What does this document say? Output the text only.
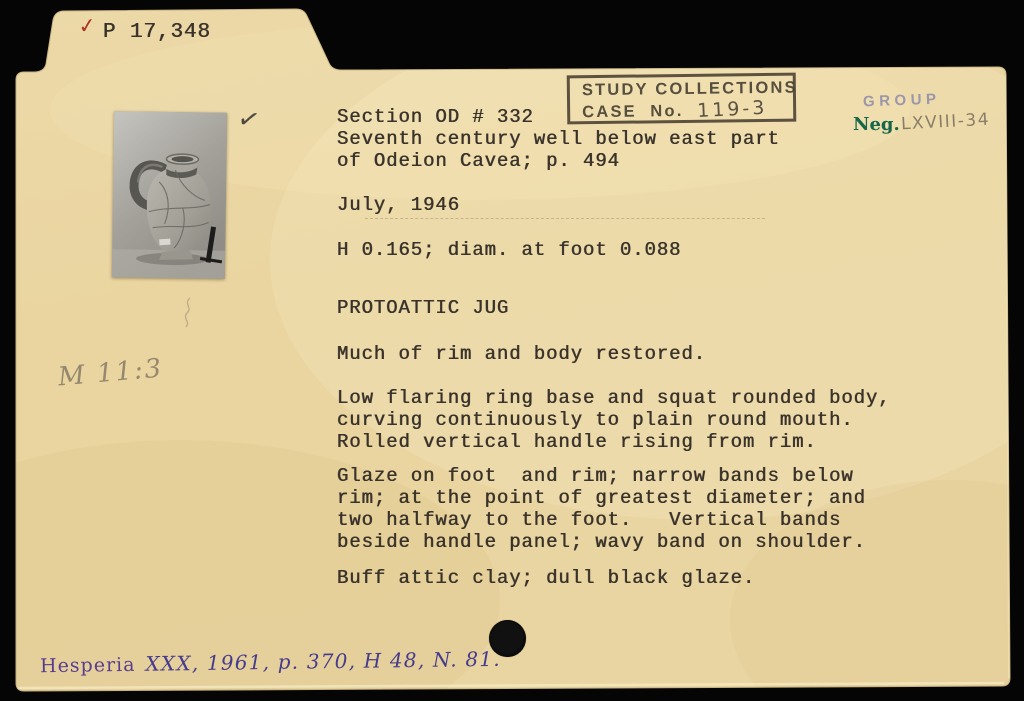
✓ P 17,348
✓
STUDY COLLECTIONS
CASE  No. 119-3	GROUP
Neg. LXVIII-34
Section OD # 332
Seventh century well below east part
of Odeion Cavea; p. 494
July, 1946
H 0.165; diam. at foot 0.088
PROTOATTIC JUG
Much of rim and body restored.
Low flaring ring base and squat rounded body,
curving continuously to plain round mouth.
Rolled vertical handle rising from rim.
Glaze on foot  and rim; narrow bands below
rim; at the point of greatest diameter; and
two halfway to the foot.   Vertical bands
beside handle panel; wavy band on shoulder.
Buff attic clay; dull black glaze.
M 11:3
Hesperia XXX, 1961, p. 370, H 48, N. 81.
